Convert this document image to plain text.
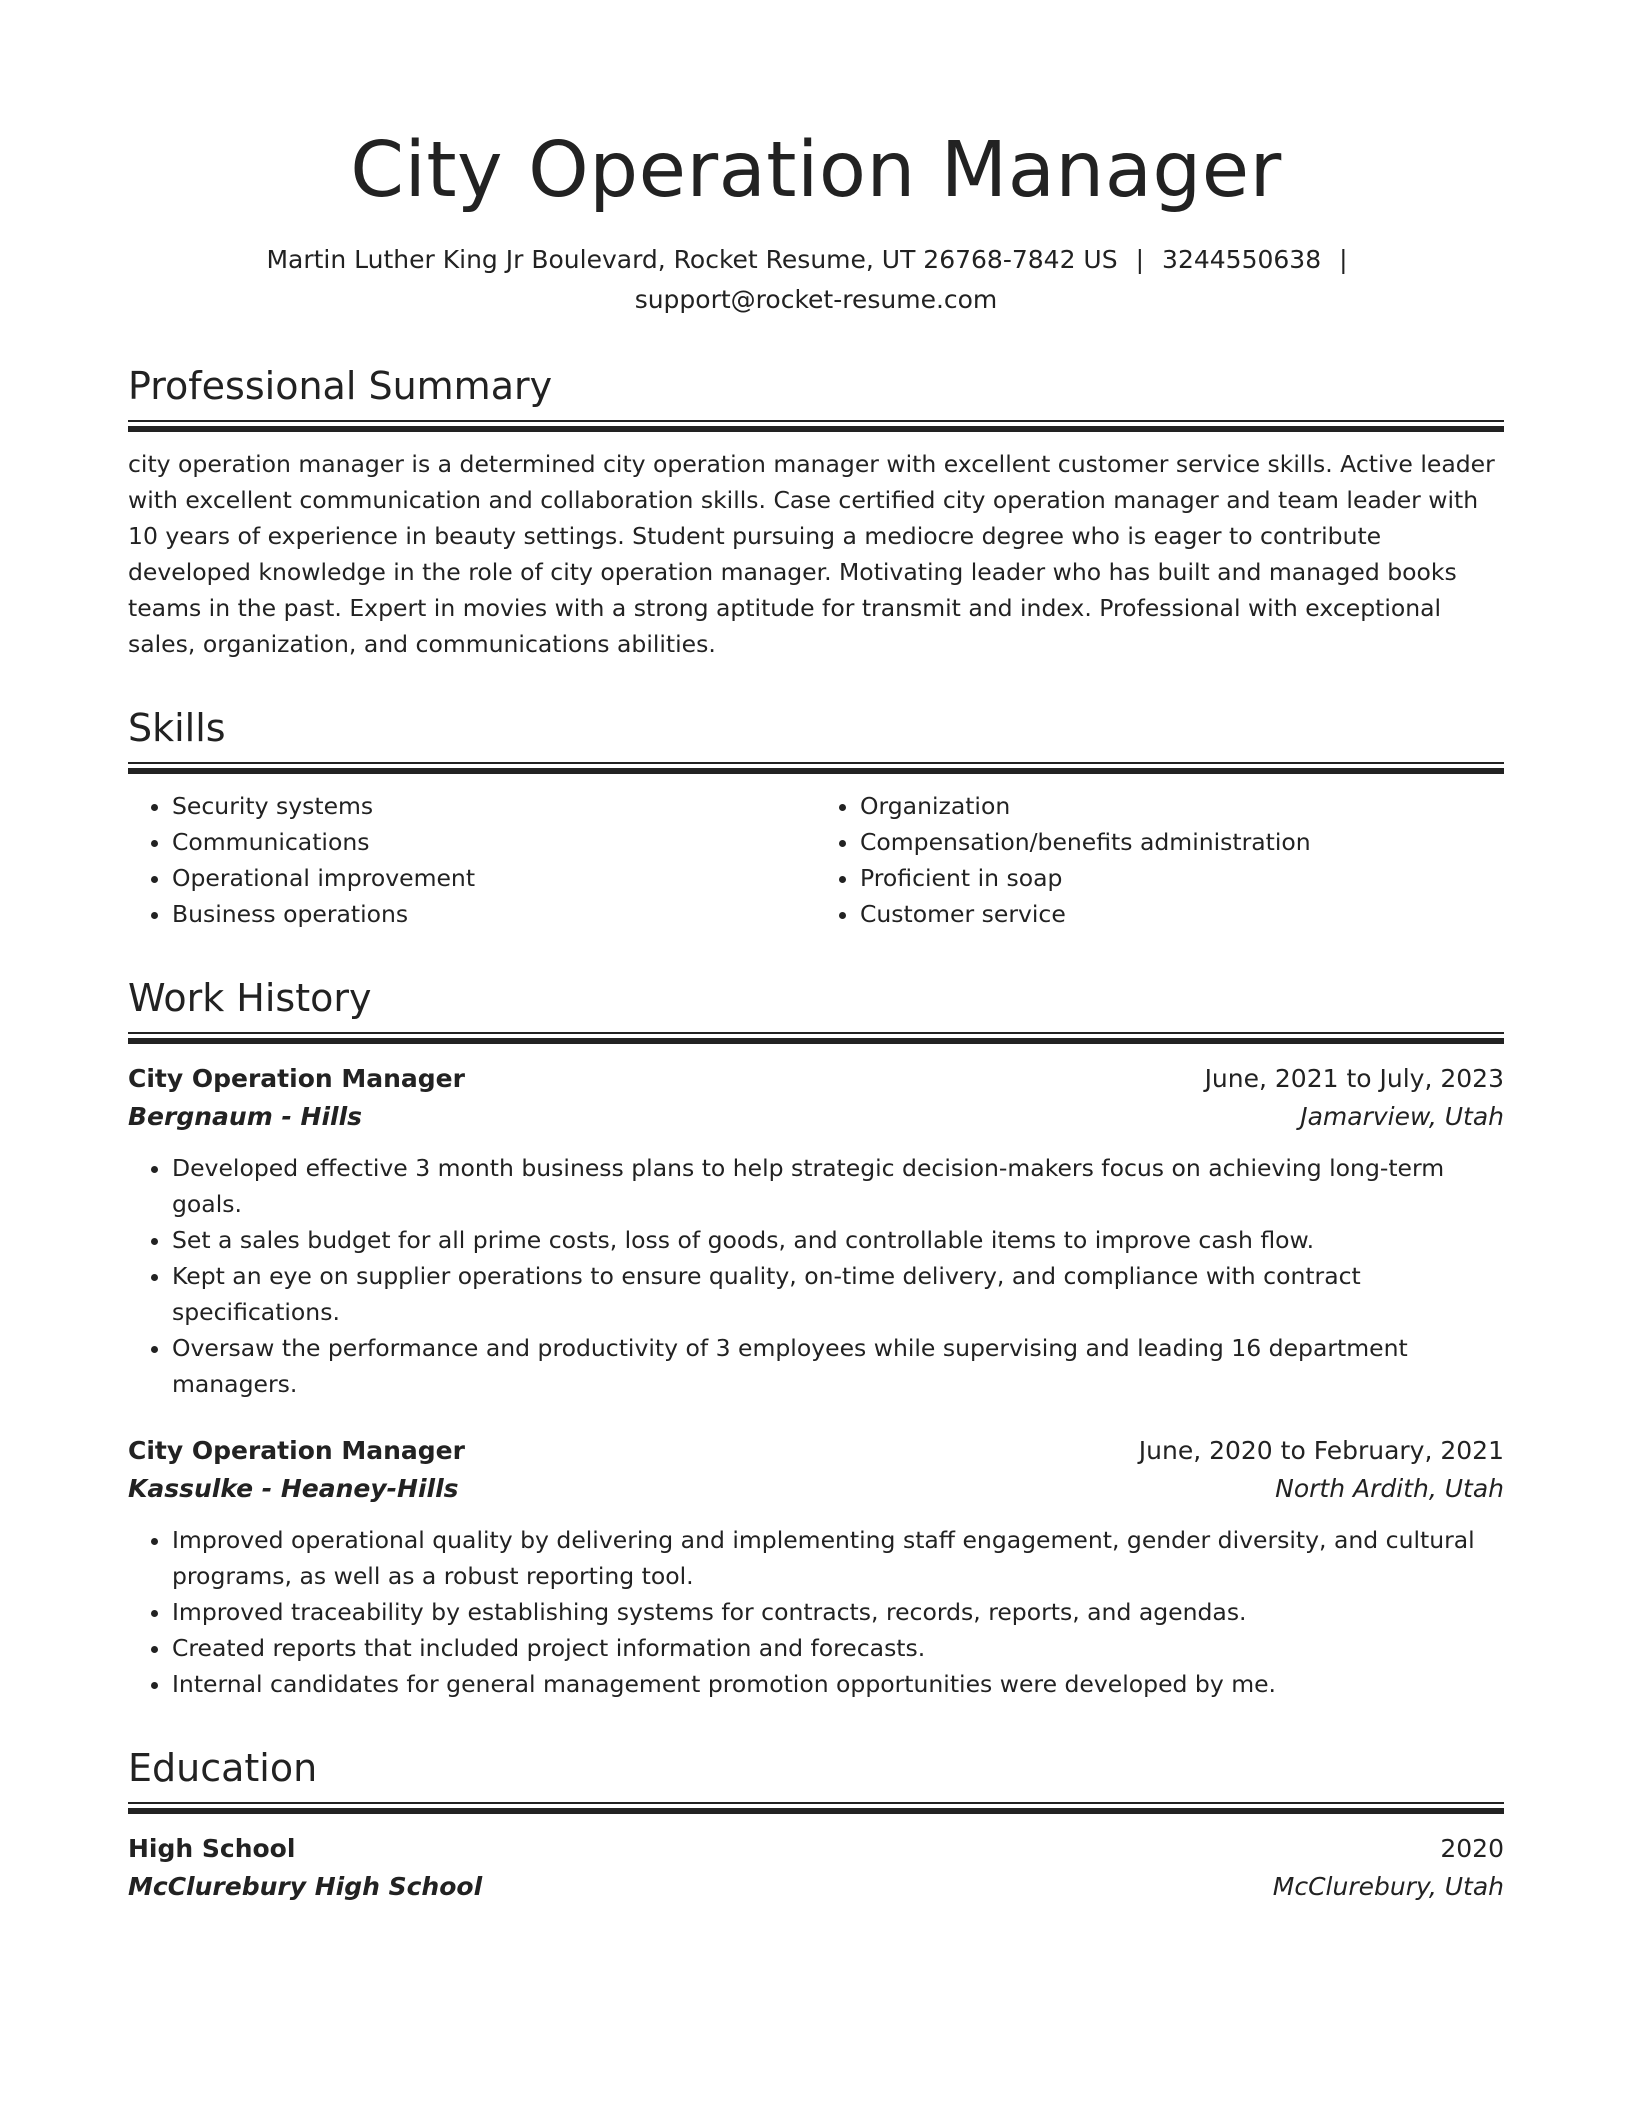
City Operation Manager
Martin Luther King Jr Boulevard, Rocket Resume, UT 26768-7842 US | 3244550638 |
support@rocket-resume.com
Professional Summary
city operation manager is a determined city operation manager with excellent customer service skills. Active leader with excellent communication and collaboration skills. Case certified city operation manager and team leader with 10 years of experience in beauty settings. Student pursuing a mediocre degree who is eager to contribute developed knowledge in the role of city operation manager. Motivating leader who has built and managed books teams in the past. Expert in movies with a strong aptitude for transmit and index. Professional with exceptional sales, organization, and communications abilities.
Skills
• Security systems
• Communications
• Operational improvement
• Business operations
• Organization
• Compensation/benefits administration
• Proficient in soap
• Customer service
Work History
City Operation Manager	June, 2021 to July, 2023
Bergnaum - Hills	Jamarview, Utah
• Developed effective 3 month business plans to help strategic decision-makers focus on achieving long-term goals.
• Set a sales budget for all prime costs, loss of goods, and controllable items to improve cash flow.
• Kept an eye on supplier operations to ensure quality, on-time delivery, and compliance with contract specifications.
• Oversaw the performance and productivity of 3 employees while supervising and leading 16 department managers.
City Operation Manager	June, 2020 to February, 2021
Kassulke - Heaney-Hills	North Ardith, Utah
• Improved operational quality by delivering and implementing staff engagement, gender diversity, and cultural programs, as well as a robust reporting tool.
• Improved traceability by establishing systems for contracts, records, reports, and agendas.
• Created reports that included project information and forecasts.
• Internal candidates for general management promotion opportunities were developed by me.
Education
High School	2020
McClurebury High School	McClurebury, Utah
